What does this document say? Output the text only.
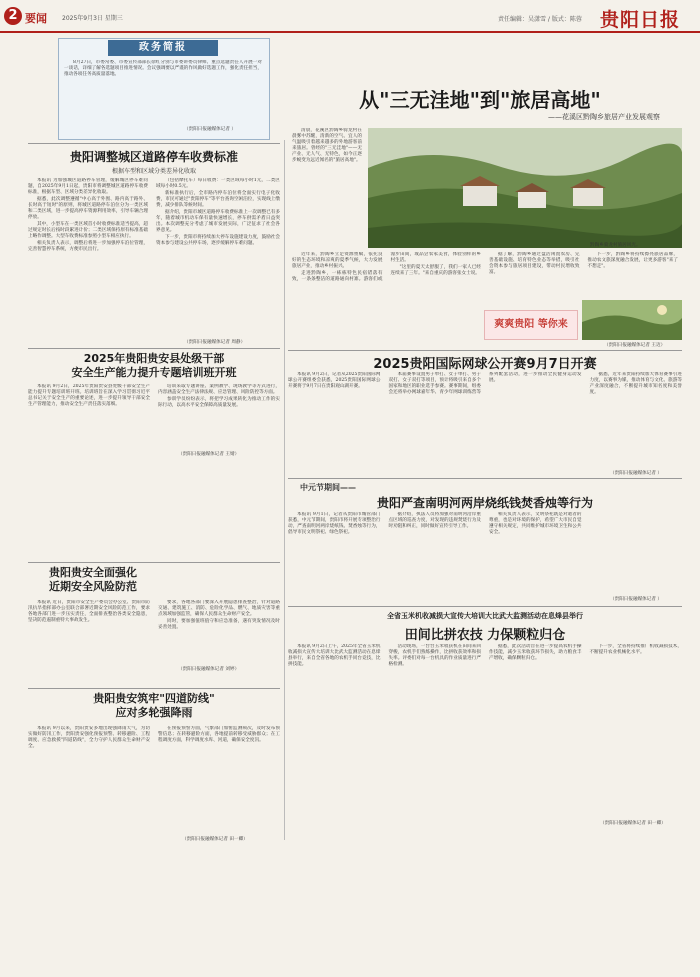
2 要闻	2025年9月3日 星期三	责任编辑：吴潇雪 / 版式：陈蓉 贵阳日报
政务简报

8月27日，市委常委、市委宣传部部长徐红分别与市委讲委员律师、重点选题责任人开展一对一谈话，详细了解各选题项目推进情况。会议强调要以严谨的作风做好选题工作，强化责任担当，推动各项任务高质量落地。

（贵阳日报融媒体记者 ）
贵阳调整城区道路停车收费标准
根据车型和区域分类差异化收取

本报讯 为加强城区道路停车管理，缓解城区停车难问题，自2025年9月1日起，贵阳市将调整城区道路停车收费标准，根据车型、区域分类差异化收取。

据悉，此次调整遵循"中心高于外围、路内高于路外、长时高于短时"的原则，将城区道路停车泊位分为一类区域和二类区域，进一步提高停车资源利用效率，引导车辆合理停放。

其中，小型车在一类区域首小时收费标准适当提高，超过规定时长后按时段累进计价；二类区域保持原有标准基础上略作调整。大型车收费标准参照小型车相应执行。

相关负责人表示，调整后将进一步加强停车泊位管理，完善智慧停车系统，方便市民出行。

（包括摩托车）每日收费：一类区域每小时1元，二类区域每小时0.5元。

新标准执行后，全市路内停车泊位将全面实行电子化收费，市民可通过"贵阳停车"等平台查询空闲泊位，实现线上缴费，减少排队等候时间。

据介绍，贵阳市城区道路停车收费标准上一次调整已有多年，随着城市机动车保有量快速增长，停车供需矛盾日益突出。本次调整充分考虑了城市发展实际，广泛征求了社会各界意见。

下一步，贵阳市将持续加大停车设施建设力度，鼓励社会资本参与建设公共停车场，逐步缓解停车难问题。

（贵阳日报融媒体记者 周静）
2025年贵阳贵安县处级干部
安全生产能力提升专题培训班开班

本报讯 9月2日，2025年贵阳贵安县处级干部安全生产能力提升专题培训班开班。培训班旨在深入学习贯彻习近平总书记关于安全生产的重要论述，进一步提升领导干部安全生产管理能力，推动安全生产责任落实落细。

培训采取专题讲座、案例教学、现场教学等方式进行，内容涵盖安全生产法律法规、应急管理、风险防控等方面。

参训学员纷纷表示，将把学习成果转化为推动工作的实际行动，以高水平安全保障高质量发展。

（贵阳日报融媒体记者 王婧）
贵阳贵安全面强化
近期安全风险防范

本报讯 近日，贵阳市安全生产委员会办公室、贵阳市防汛抗旱指挥部办公室联合部署近期安全风险防范工作，要求各地各部门进一步压实责任，全面排查整治各类安全隐患，坚决防范遏制重特大事故发生。

要求，各地各部门要深入开展隐患排查整治，针对道路交通、建筑施工、消防、危险化学品、燃气、地质灾害等重点领域加强监管，确保人民群众生命财产安全。

同时，要加强值班值守和应急准备，遇有突发情况及时妥善处置。

（贵阳日报融媒体记者 刘婷）
贵阳贵安筑牢"四道防线"
应对多轮强降雨

本报讯 9月以来，贵阳贵安多地出现强降雨天气，为切实做好防汛工作，贵阳贵安强化预报预警、转移避险、工程调度、应急救援"四道防线"，全力守护人民群众生命财产安全。

在预报预警方面，气象部门加密监测频次，及时发布预警信息；在转移避险方面，各地提前转移受威胁群众；在工程调度方面，科学调度水库、河道，确保安全度汛。

（贵阳日报融媒体记者 田一卿）
从"三无洼地"到"旅居高地"
——花溪区黔陶乡旅居产业发展观察
黔陶乡骑龙村旅居风光。

清晨，花溪区黔陶乡骑龙村在晨雾中苏醒，清新的空气、宜人的气温吸引着越来越多的外地游客前来旅居。曾经的"三无洼地"——无产业、无人气、无特色，如今正逐步蜕变为远近闻名的"旅居高地"。

近年来，黔陶乡立足资源禀赋，依托良好的生态环境和凉爽的夏季气候，大力发展旅居产业，推动乡村振兴。

走进黔陶乡，一栋栋特色民宿错落有致，一条条整洁的道路通向村寨。游客们或漫步田间，或品尝农家美食，体验别样的乡村生活。

"这里的夏天太舒服了，我们一家人已经连续来了三年。"来自重庆的游客张女士说。

据了解，黔陶乡通过盘活闲置农房、完善基础设施、培育特色业态等举措，吸引社会资本参与旅居项目建设，带动村民增收致富。

下一步，黔陶乡将持续擦亮旅居品牌，推动农文旅深度融合发展，让更多游客"来了不想走"。

爽爽贵阳 等你来
（贵阳日报融媒体记者 王迈）
2025贵阳国际网球公开赛9月7日开赛

本报讯 9月2日，记者从2025贵阳国际网球公开赛组委会获悉，2025贵阳国际网球公开赛将于9月7日在贵阳观山湖开赛。

本届赛事设置男子单打、女子单打、男子双打、女子双打等项目，预计将吸引来自多个国家和地区的职业选手参赛。赛事期间，组委会还将举办网球嘉年华、青少年网球训练营等系列配套活动，进一步推动全民健身运动发展。

据悉，近年来贵阳持续加大体育赛事引进力度，以赛事为媒，推动体育与文化、旅游等产业深度融合，不断提升城市知名度和美誉度。

（贵阳日报融媒体记者 ）
中元节期间——
贵阳严查南明河两岸烧纸钱焚香烛等行为

本报讯 9月1日，记者从贵阳市城管部门获悉，中元节期间，贵阳市将开展专项整治行动，严查南明河两岸烧纸钱、焚香烛等行为，倡导市民文明祭祀、绿色祭祀。

据介绍，执法人员将加强对南明河沿岸重点区域的巡查力度，对发现的违规焚烧行为及时劝阻和纠正，同时做好宣传引导工作。

相关负责人表示，文明祭祀既是对逝者的尊重，也是对环境的保护，希望广大市民自觉遵守相关规定，共同维护城市环境卫生和公共安全。

（贵阳日报融媒体记者 ）
全省玉米机收减损大宣传大培训大比武大监测活动在息烽县举行
田间比拼农技 力保颗粒归仓

本报讯 9月2日上午，2025年全省玉米机收减损大宣传大培训大比武大监测活动在息烽县举行，来自全省各地的农机手同台竞技，比拼技能。

活动现场，一台台玉米收获机在田间来回穿梭，农机手们熟练操作，比拼收获效率和损失率。评委们对每一台机具的作业质量进行严格检测。

据悉，此次活动旨在进一步提高农机手操作技能，减少玉米收获环节损失，助力粮食丰产增收，确保颗粒归仓。

下一步，全省将持续推广机收减损技术，不断提升农业机械化水平。

（贵阳日报融媒体记者 田一卿）
